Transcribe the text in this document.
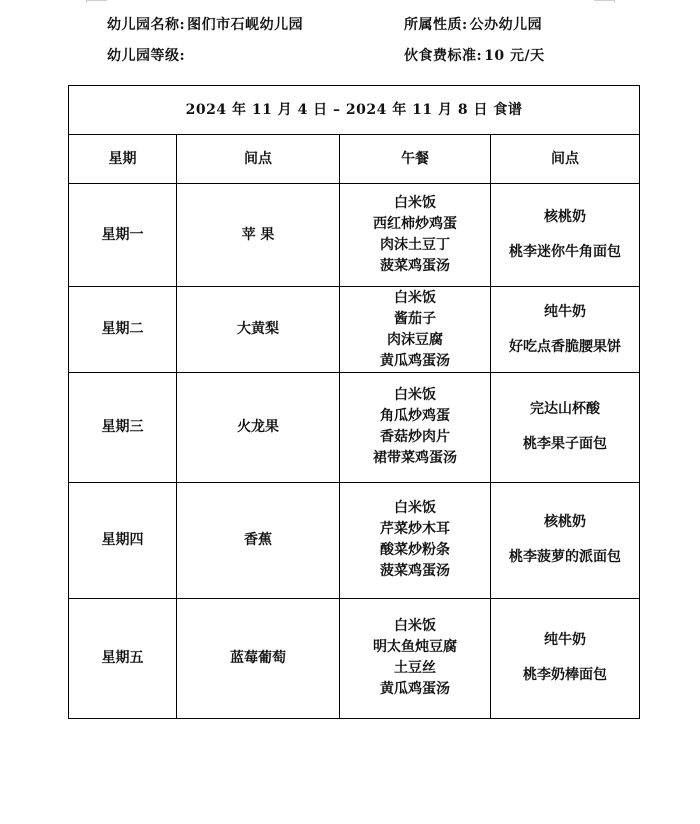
幼儿园名称: 图们市石岘幼儿园	所属性质: 公办幼儿园
幼儿园等级:	伙食费标准: 10 元/天
2024 年 11 月 4 日 – 2024 年 11 月 8 日 食谱			
星期	间点	午餐	间点
星期一	苹 果	白米饭
西红柿炒鸡蛋
肉沫土豆丁
菠菜鸡蛋汤	核桃奶
桃李迷你牛角面包

星期二	大黄梨	白米饭
酱茄子
肉沫豆腐
黄瓜鸡蛋汤	纯牛奶
好吃点香脆腰果饼

星期三	火龙果	白米饭
角瓜炒鸡蛋
香菇炒肉片
裙带菜鸡蛋汤	完达山杯酸
桃李果子面包

星期四	香蕉	白米饭
芹菜炒木耳
酸菜炒粉条
菠菜鸡蛋汤	核桃奶
桃李菠萝的派面包

星期五	蓝莓葡萄	白米饭
明太鱼炖豆腐
土豆丝
黄瓜鸡蛋汤	纯牛奶
桃李奶棒面包
